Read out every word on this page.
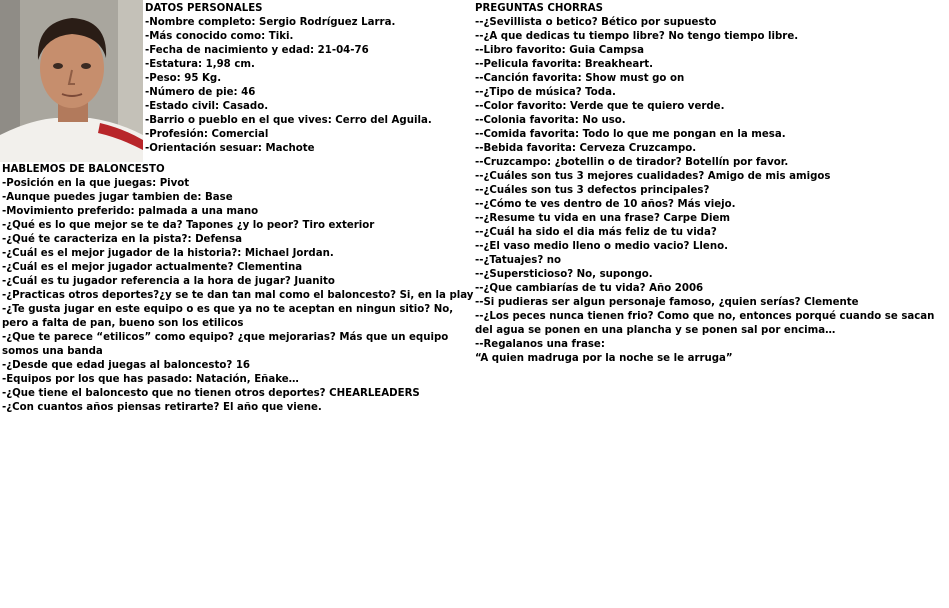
DATOS PERSONALES
-Nombre completo: Sergio Rodríguez Larra.
-Más conocido como: Tiki.
-Fecha de nacimiento y edad: 21-04-76
-Estatura: 1,98 cm.
-Peso: 95 Kg.
-Número de pie: 46
-Estado civil: Casado.
-Barrio o pueblo en el que vives: Cerro del Aguila.
-Profesión: Comercial
-Orientación sesuar: Machote
HABLEMOS DE BALONCESTO
-Posición en la que juegas: Pivot
-Aunque puedes jugar tambien de: Base
-Movimiento preferido: palmada a una mano
-¿Qué es lo que mejor se te da? Tapones ¿y lo peor? Tiro exterior
-¿Qué te caracteriza en la pista?: Defensa
-¿Cuál es el mejor jugador de la historia?: Michael Jordan.
-¿Cuál es el mejor jugador actualmente? Clementina
-¿Cuál es tu jugador referencia a la hora de jugar? Juanito
-¿Practicas otros deportes?¿y se te dan tan mal como el baloncesto? Si, en la play
-¿Te gusta jugar en este equipo o es que ya no te aceptan en ningun sitio? No, pero a falta de pan, bueno son los etilicos
-¿Que te parece “etilicos” como equipo? ¿que mejorarias? Más que un equipo somos una banda
-¿Desde que edad juegas al baloncesto? 16
-Equipos por los que has pasado: Natación, Eñake…
-¿Que tiene el baloncesto que no tienen otros deportes? CHEARLEADERS
-¿Con cuantos años piensas retirarte? El año que viene.
PREGUNTAS CHORRAS
--¿Sevillista o betico? Bético por supuesto
--¿A que dedicas tu tiempo libre? No tengo tiempo libre.
--Libro favorito: Guia Campsa
--Pelicula favorita: Breakheart.
--Canción favorita: Show must go on
--¿Tipo de música? Toda.
--Color favorito: Verde que te quiero verde.
--Colonia favorita: No uso.
--Comida favorita: Todo lo que me pongan en la mesa.
--Bebida favorita: Cerveza Cruzcampo.
--Cruzcampo: ¿botellin o de tirador? Botellín por favor.
--¿Cuáles son tus 3 mejores cualidades? Amigo de mis amigos
--¿Cuáles son tus 3 defectos principales?
--¿Cómo te ves dentro de 10 años? Más viejo.
--¿Resume tu vida en una frase? Carpe Diem
--¿Cuál ha sido el dia más feliz de tu vida?
--¿El vaso medio lleno o medio vacio? Lleno.
--¿Tatuajes? no
--¿Supersticioso? No, supongo.
--¿Que cambiarías de tu vida? Año 2006
--Si pudieras ser algun personaje famoso, ¿quien serías? Clemente
--¿Los peces nunca tienen frio? Como que no, entonces porqué cuando se sacan del agua se ponen en una plancha y se ponen sal por encima…
--Regalanos una frase:
“A quien madruga por la noche se le arruga”
